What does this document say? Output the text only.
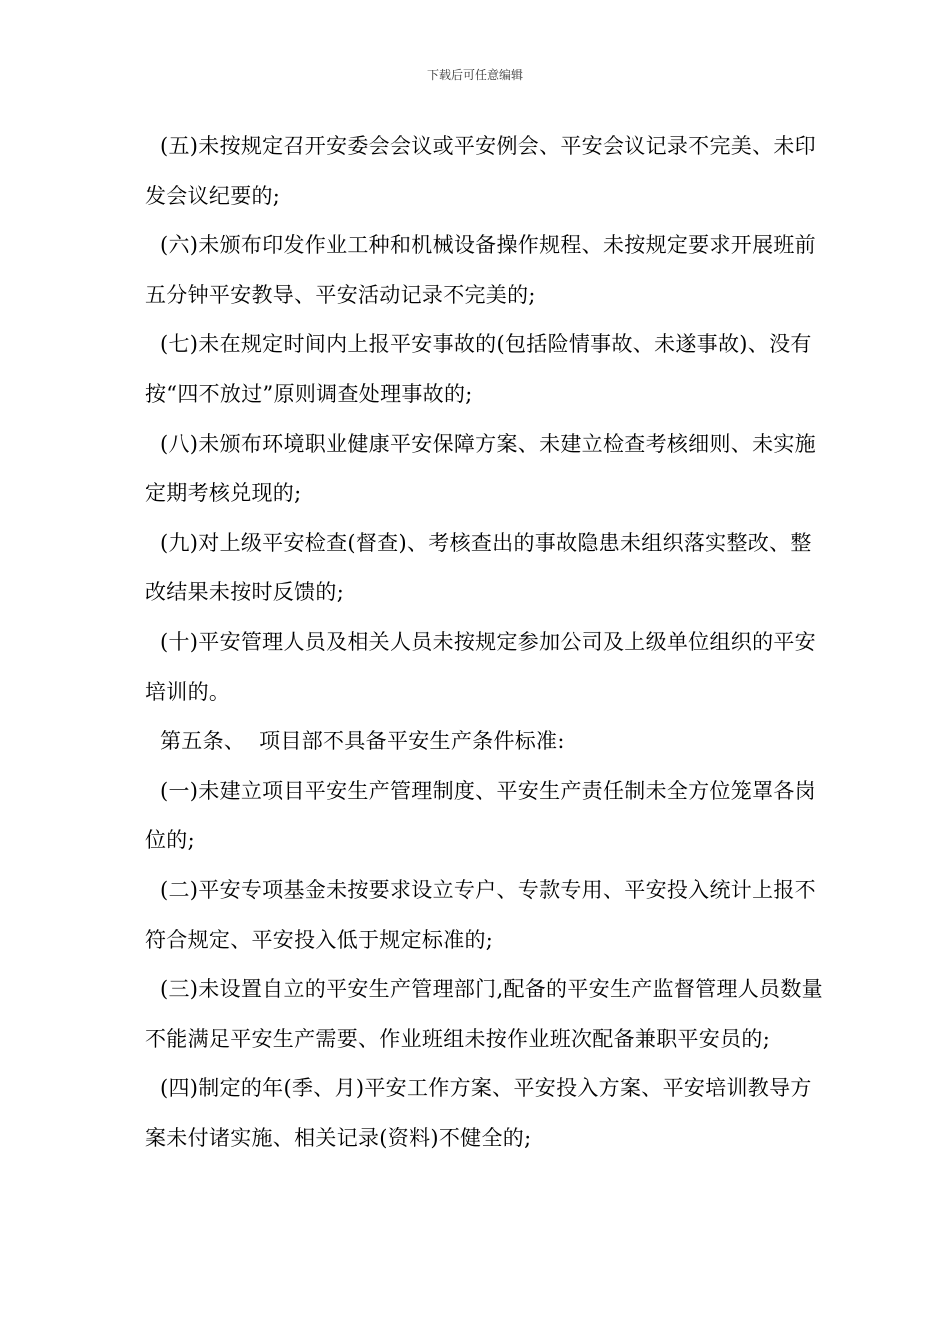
下载后可任意编辑

(五)未按规定召开安委会会议或平安例会、平安会议记录不完美、未印发会议纪要的;

(六)未颁布印发作业工种和机械设备操作规程、未按规定要求开展班前五分钟平安教导、平安活动记录不完美的;

(七)未在规定时间内上报平安事故的(包括险情事故、未遂事故)、没有按“四不放过”原则调查处理事故的;

(八)未颁布环境职业健康平安保障方案、未建立检查考核细则、未实施定期考核兑现的;

(九)对上级平安检查(督查)、考核查出的事故隐患未组织落实整改、整改结果未按时反馈的;

(十)平安管理人员及相关人员未按规定参加公司及上级单位组织的平安培训的。

第五条、  项目部不具备平安生产条件标准:

(一)未建立项目平安生产管理制度、平安生产责任制未全方位笼罩各岗位的;

(二)平安专项基金未按要求设立专户、专款专用、平安投入统计上报不符合规定、平安投入低于规定标准的;

(三)未设置自立的平安生产管理部门,配备的平安生产监督管理人员数量不能满足平安生产需要、作业班组未按作业班次配备兼职平安员的;

(四)制定的年(季、月)平安工作方案、平安投入方案、平安培训教导方案未付诸实施、相关记录(资料)不健全的;
